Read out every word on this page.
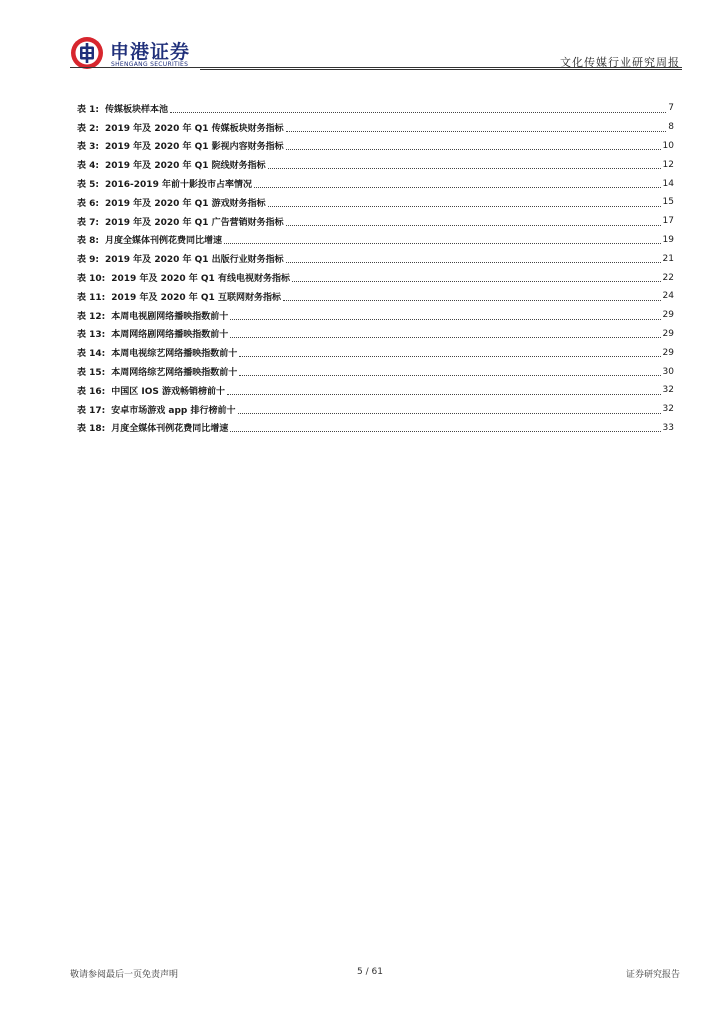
申港证券
SHENGANG SECURITIES	文化传媒行业研究周报
表 1: 传媒板块样本池	7
表 2: 2019 年及 2020 年 Q1 传媒板块财务指标	8
表 3: 2019 年及 2020 年 Q1 影视内容财务指标	10
表 4: 2019 年及 2020 年 Q1 院线财务指标	12
表 5: 2016-2019 年前十影投市占率情况	14
表 6: 2019 年及 2020 年 Q1 游戏财务指标	15
表 7: 2019 年及 2020 年 Q1 广告营销财务指标	17
表 8: 月度全媒体刊例花费同比增速	19
表 9: 2019 年及 2020 年 Q1 出版行业财务指标	21
表 10: 2019 年及 2020 年 Q1 有线电视财务指标	22
表 11: 2019 年及 2020 年 Q1 互联网财务指标	24
表 12: 本周电视剧网络播映指数前十	29
表 13: 本周网络剧网络播映指数前十	29
表 14: 本周电视综艺网络播映指数前十	29
表 15: 本周网络综艺网络播映指数前十	30
表 16: 中国区 IOS 游戏畅销榜前十	32
表 17: 安卓市场游戏 app 排行榜前十	32
表 18: 月度全媒体刊例花费同比增速	33
敬请参阅最后一页免责声明	5 / 61	证券研究报告
